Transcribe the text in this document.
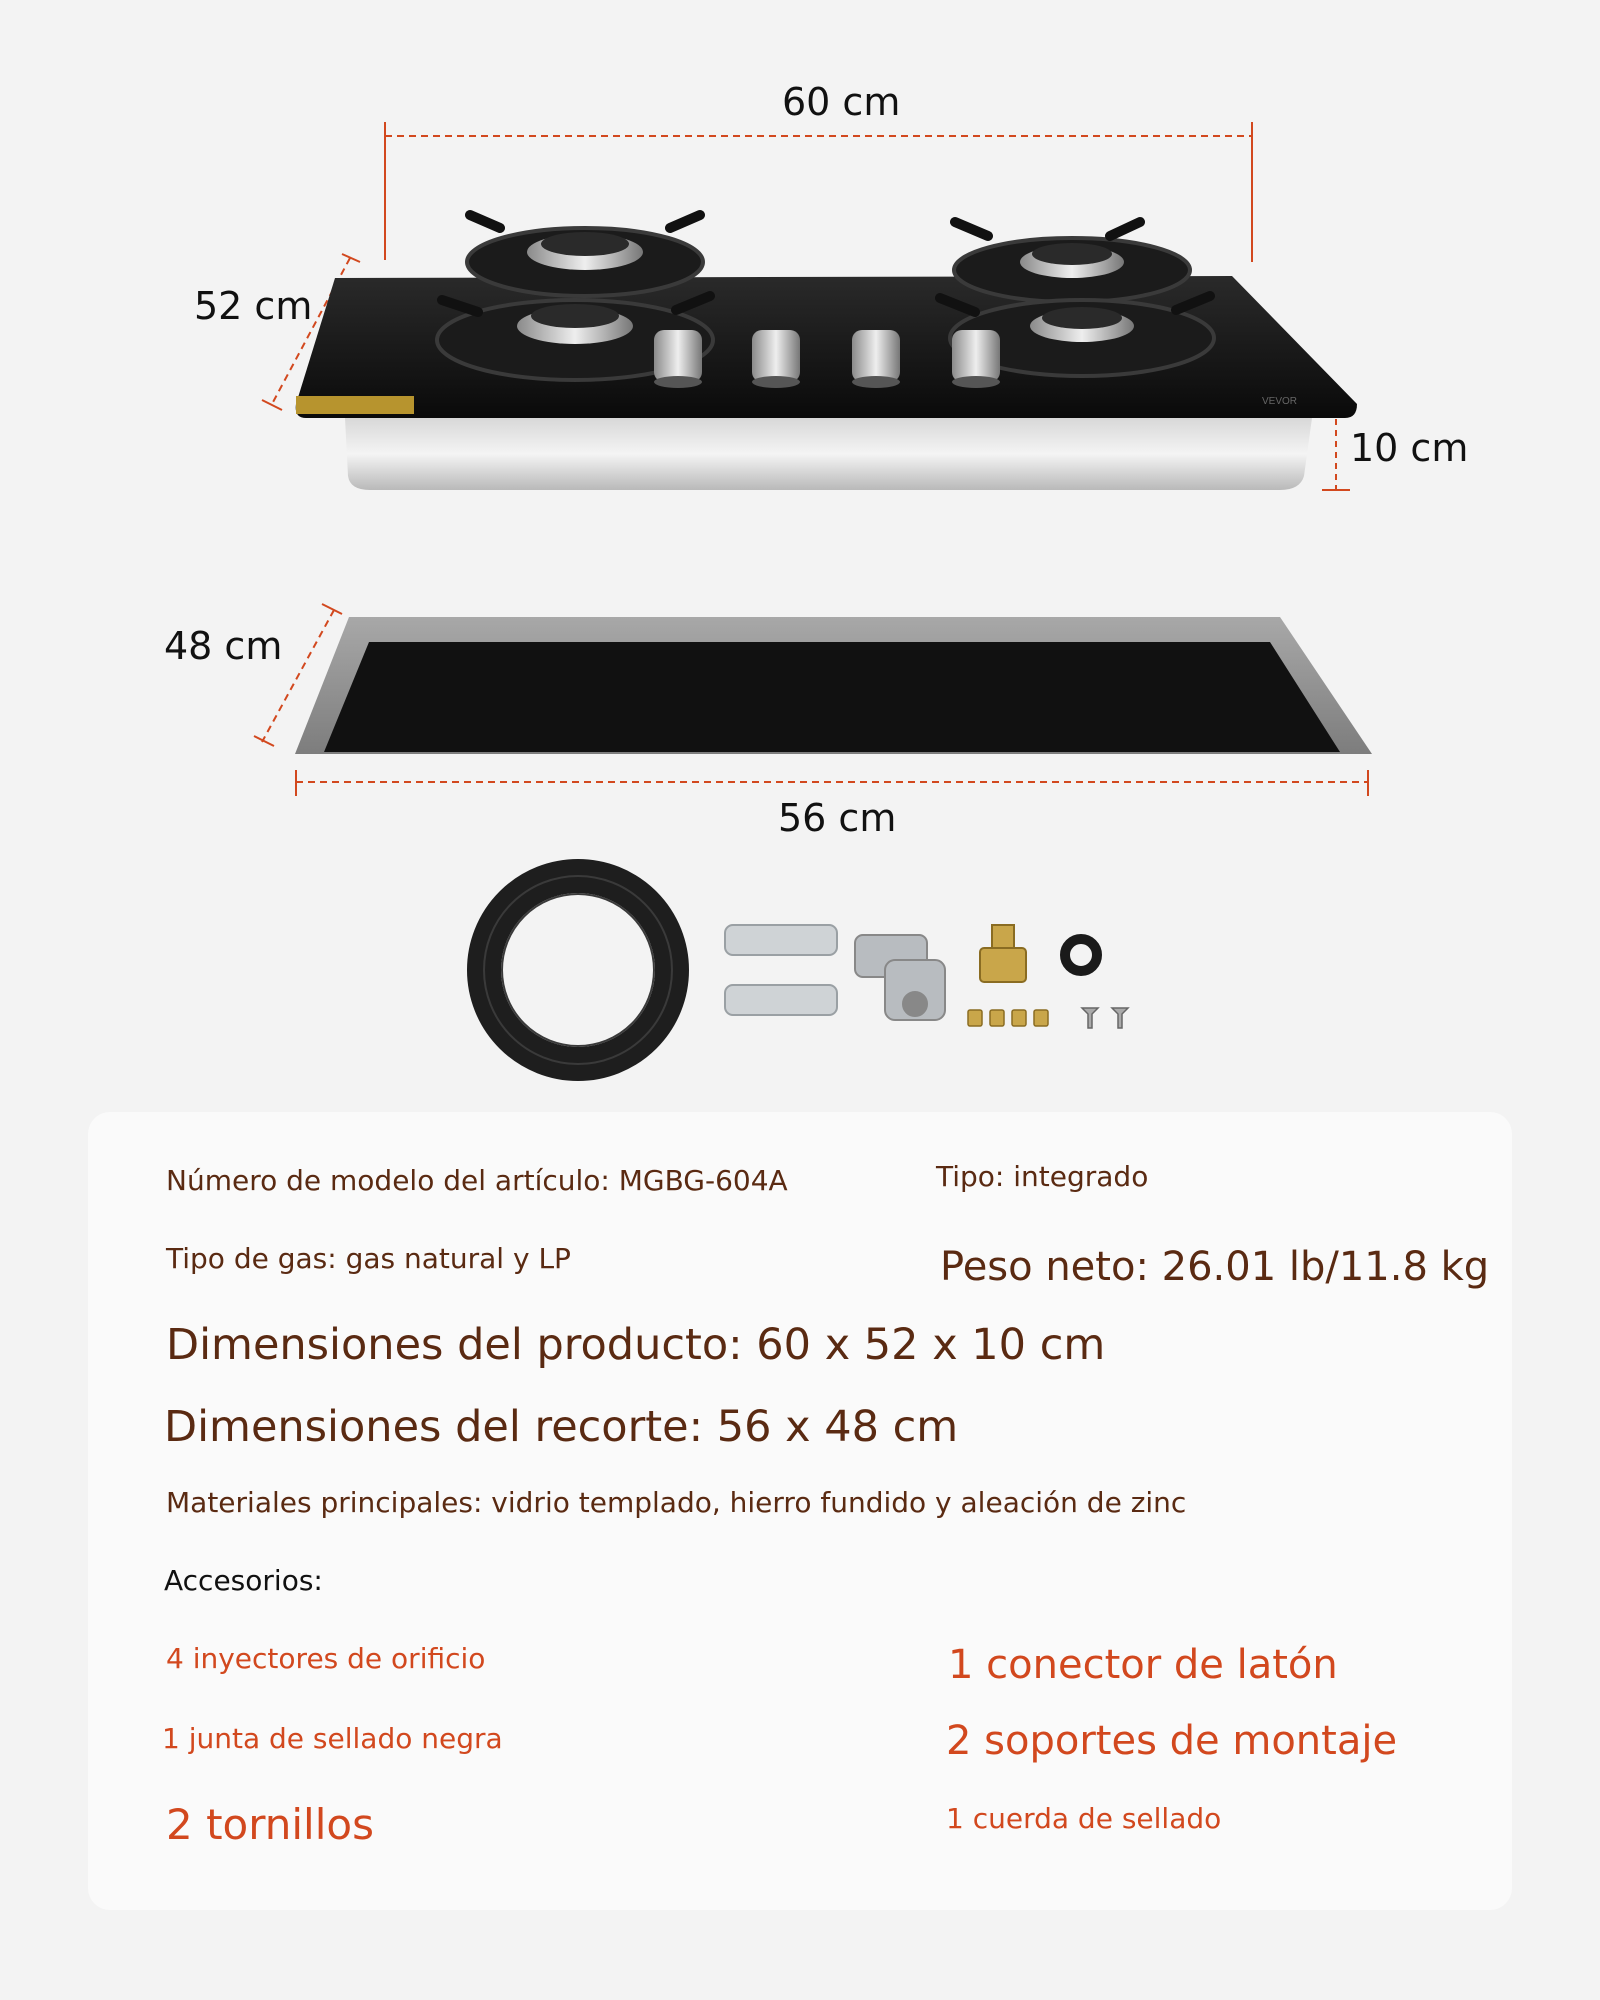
VEVOR
60 cm
52 cm
10 cm
48 cm
56 cm
Número de modelo del artículo: MGBG-604A	Tipo: integrado
Tipo de gas: gas natural y LP	Peso neto: 26.01 lb/11.8 kg
Dimensiones del producto: 60 x 52 x 10 cm
Dimensiones del recorte: 56 x 48 cm
Materiales principales: vidrio templado, hierro fundido y aleación de zinc
Accesorios:
4 inyectores de orificio	1 conector de latón
1 junta de sellado negra	2 soportes de montaje
2 tornillos	1 cuerda de sellado
